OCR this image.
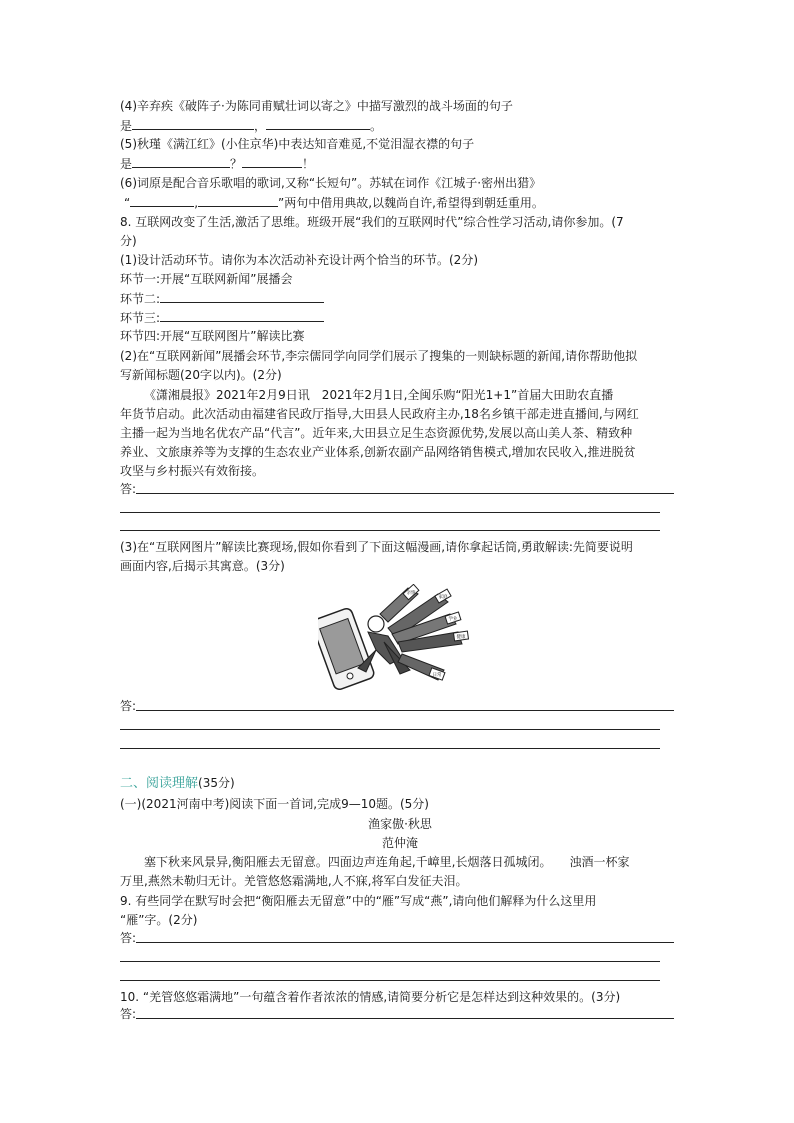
(4)辛弃疾《破阵子·为陈同甫赋壮词以寄之》中描写激烈的战斗场面的句子
是	，	。
(5)秋瑾《满江红》(小住京华)中表达知音难觅,不觉泪湿衣襟的句子
是	？	！
(6)词原是配合音乐歌唱的歌词,又称“长短句”。苏轼在词作《江城子·密州出猎》
“	,	”两句中借用典故,以魏尚自许,希望得到朝廷重用。
8. 互联网改变了生活,激活了思维。班级开展“我们的互联网时代”综合性学习活动,请你参加。(7
分)
(1)设计活动环节。请你为本次活动补充设计两个恰当的环节。(2分)
环节一:开展“互联网新闻”展播会
环节二:
环节三:
环节四:开展“互联网图片”解读比赛
(2)在“互联网新闻”展播会环节,李宗儒同学向同学们展示了搜集的一则缺标题的新闻,请你帮助他拟
写新闻标题(20字以内)。(2分)
《潇湘晨报》2021年2月9日讯　2021年2月1日,全闽乐购“阳光1+1”首届大田助农直播
年货节启动。此次活动由福建省民政厅指导,大田县人民政府主办,18名乡镇干部走进直播间,与网红
主播一起为当地名优农产品“代言”。近年来,大田县立足生态资源优势,发展以高山美人茶、精致种
养业、文旅康养等为支撑的生态农业产业体系,创新农副产品网络销售模式,增加农民收入,推进脱贫
攻坚与乡村振兴有效衔接。
答:
(3)在“互联网图片”解读比赛现场,假如你看到了下面这幅漫画,请你拿起话筒,勇敢解读:先简要说明
画面内容,后揭示其寓意。(3分)
家庭
学业
健康
日常
亲情
答:
二、阅读理解(35分)
(一)(2021河南中考)阅读下面一首词,完成9—10题。(5分)
渔家傲·秋思
范仲淹
塞下秋来风景异,衡阳雁去无留意。四面边声连角起,千嶂里,长烟落日孤城闭。　　浊酒一杯家
万里,燕然未勒归无计。羌管悠悠霜满地,人不寐,将军白发征夫泪。
9. 有些同学在默写时会把“衡阳雁去无留意”中的“雁”写成“燕”,请向他们解释为什么这里用
“雁”字。(2分)
答:
10. “羌管悠悠霜满地”一句蕴含着作者浓浓的情感,请简要分析它是怎样达到这种效果的。(3分)
答:
